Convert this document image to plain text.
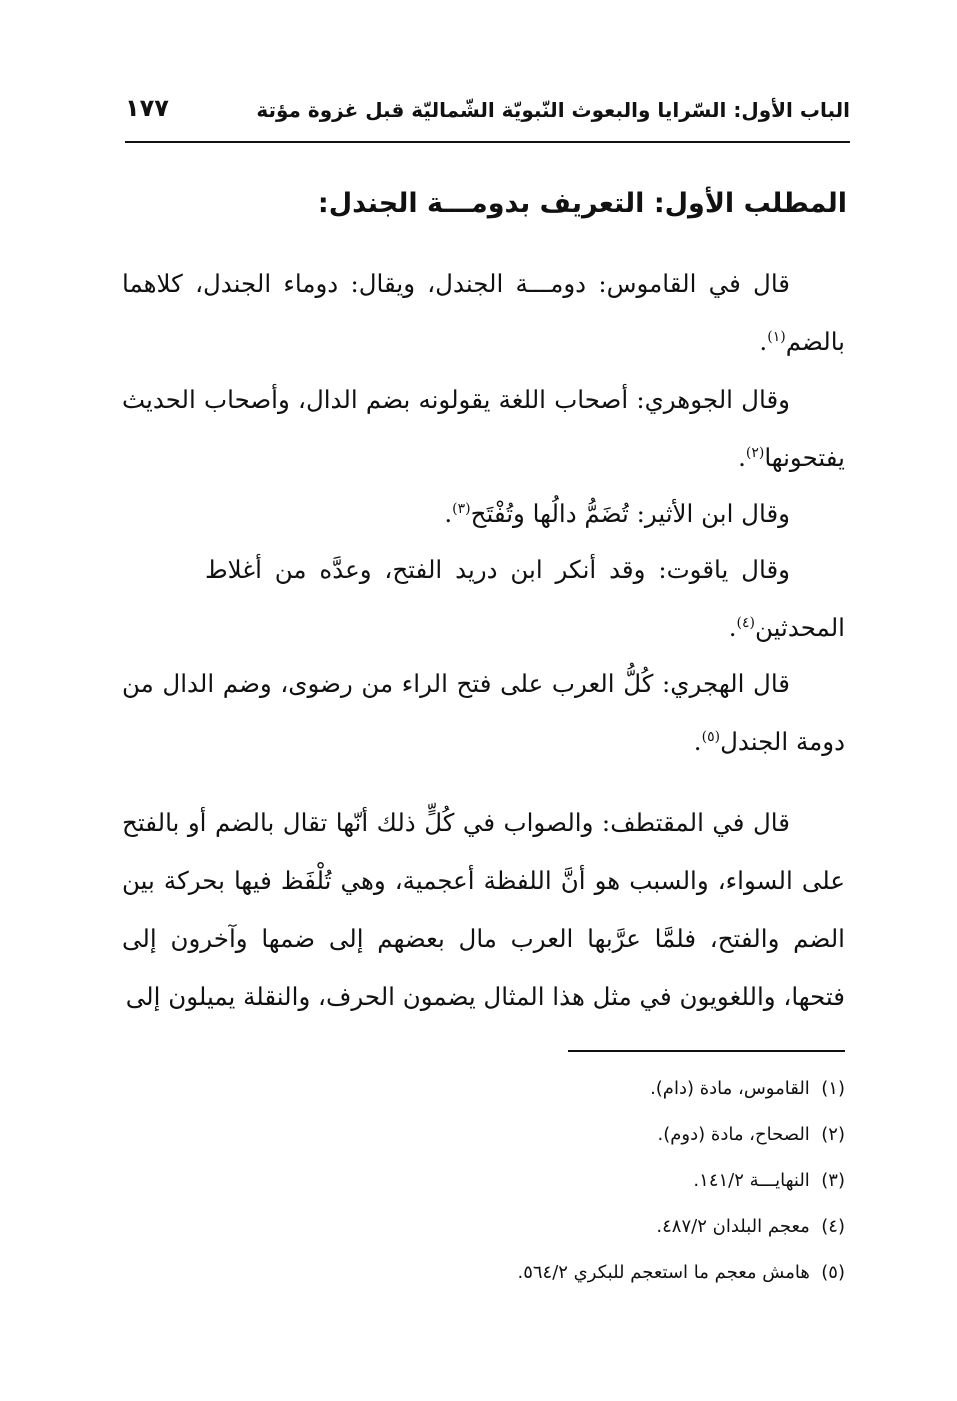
الباب الأول: السّرايا والبعوث النّبويّة الشّماليّة قبل غزوة مؤتة
١٧٧
المطلب الأول: التعريف بدومـــة الجندل:
قال في القاموس: دومـــة الجندل، ويقال: دوماء الجندل، كلاهما بالضم$^{(١)}$.
وقال الجوهري: أصحاب اللغة يقولونه بضم الدال، وأصحاب الحديث يفتحونها$^{(٢)}$.
وقال ابن الأثير: تُضَمُّ دالُها وتُفْتَح$^{(٣)}$.
وقال ياقوت: وقد أنكر ابن دريد الفتح، وعدَّه من أغلاط المحدثين$^{(٤)}$.
قال الهجري: كُلُّ العرب على فتح الراء من رضوى، وضم الدال من دومة الجندل$^{(٥)}$.
قال في المقتطف: والصواب في كُلٍّ ذلك أنّها تقال بالضم أو بالفتح على السواء، والسبب هو أنَّ اللفظة أعجمية، وهي تُلْفَظ فيها بحركة بين الضم والفتح، فلمَّا عرَّبها العرب مال بعضهم إلى ضمها وآخرون إلى فتحها، واللغويون في مثل هذا المثال يضمون الحرف، والنقلة يميلون إلى
(١)  القاموس، مادة (دام).
(٢)  الصحاح، مادة (دوم).
(٣)  النهايـــة ١٤١/٢.
(٤)  معجم البلدان ٤٨٧/٢.
(٥)  هامش معجم ما استعجم للبكري ٥٦٤/٢.
